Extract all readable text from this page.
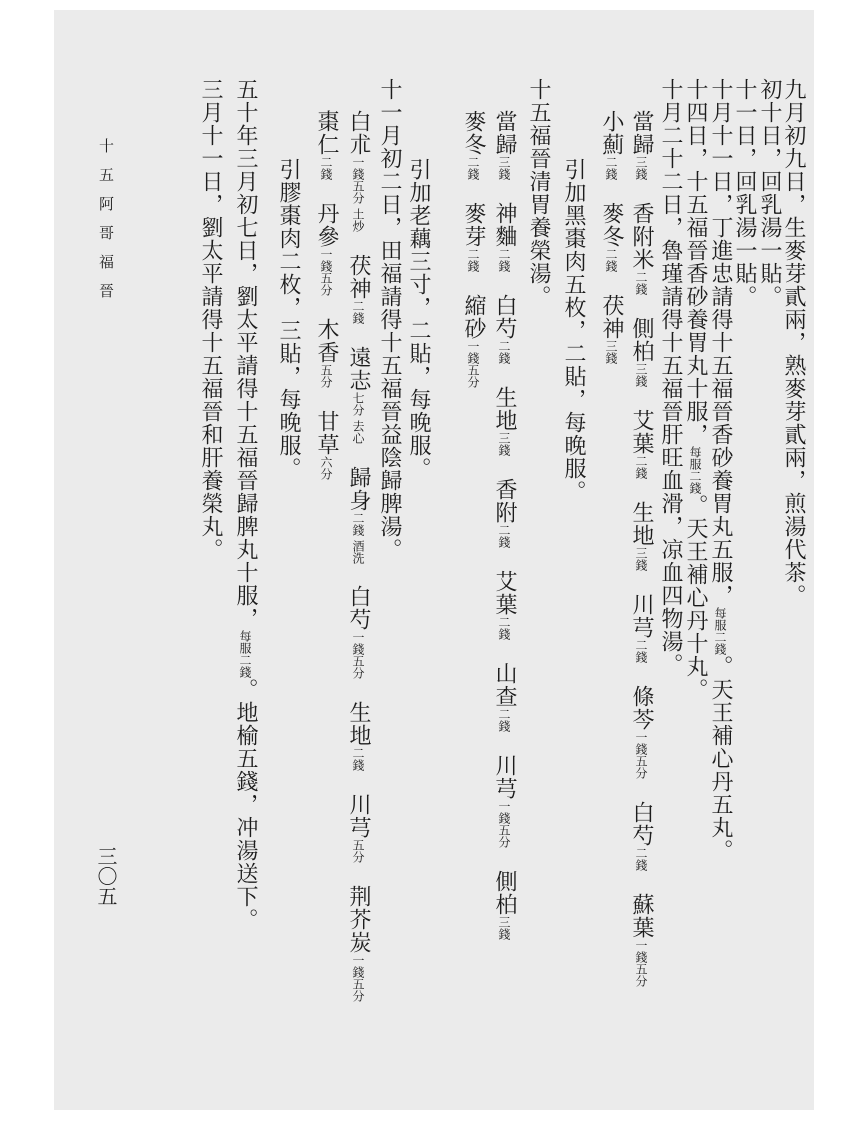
九月初九日，生麥芽貳兩，熟麥芽貳兩，煎湯代茶。
初十日，回乳湯一貼。
十一日，回乳湯一貼。
十月十一日，丁進忠請得十五福晉香砂養胃丸五服，每服二錢。天王補心丹五丸。
十四日，十五福晉香砂養胃丸十服，每服二錢。天王補心丹十丸。
十月二十二日，魯瑾請得十五福晉肝旺血滑，凉血四物湯。
當歸三錢香附米二錢側柏三錢艾葉二錢生地三錢川芎二錢條芩一錢五分白芍二錢蘇葉一錢五分
小薊二錢麥冬二錢茯神三錢
引加黑棗肉五枚，二貼，每晚服。
十五福晉清胃養榮湯。
當歸三錢神麯二錢白芍二錢生地三錢香附二錢艾葉二錢山查二錢川芎一錢五分側柏三錢
麥冬二錢麥芽二錢縮砂一錢五分
引加老藕三寸，二貼，每晚服。
十一月初二日，田福請得十五福晉益陰歸脾湯。
白朮一錢五分 土炒茯神二錢遠志七分 去心歸身二錢 酒洗白芍一錢五分生地二錢川芎五分荆芥炭一錢五分
棗仁二錢丹參一錢五分木香五分甘草六分
引膠棗肉二枚，三貼，每晚服。
五十年三月初七日，劉太平請得十五福晉歸脾丸十服，每服二錢。地榆五錢，冲湯送下。
三月十一日，劉太平請得十五福晉和肝養榮丸。
十五阿哥福晉
三〇五
